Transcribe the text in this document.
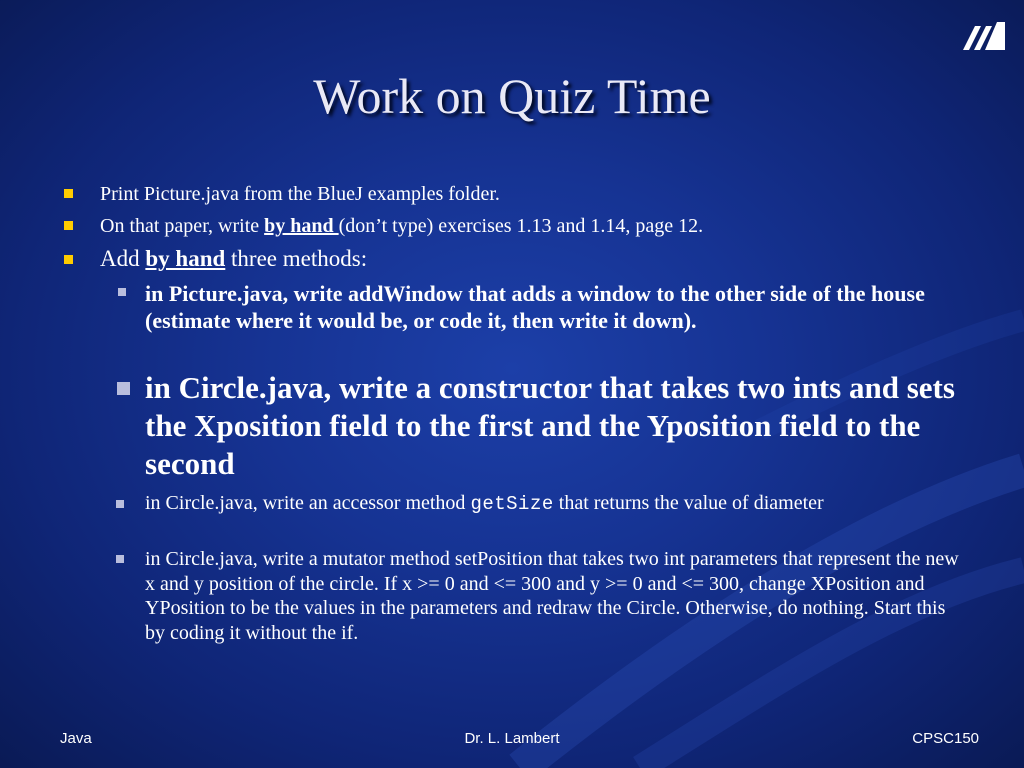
Work on Quiz Time
Print Picture.java from the BlueJ examples folder.
On that paper, write by hand (don’t type) exercises 1.13 and 1.14, page 12.
Add by hand three methods:
in Picture.java, write addWindow that adds a window to the other side of the house (estimate where it would be, or code it, then write it down).
in Circle.java, write a constructor that takes two ints and sets the Xposition field to the first and the Yposition field to the second
in Circle.java, write an accessor method getSize that returns the value of diameter
in Circle.java, write a mutator method setPosition that takes two int parameters that represent the new x and y position of the circle. If x >= 0 and <= 300 and y >= 0 and <= 300, change XPosition and YPosition to be the values in the parameters and redraw the Circle. Otherwise, do nothing. Start this by coding it without the if.
Java	Dr. L. Lambert	CPSC150
